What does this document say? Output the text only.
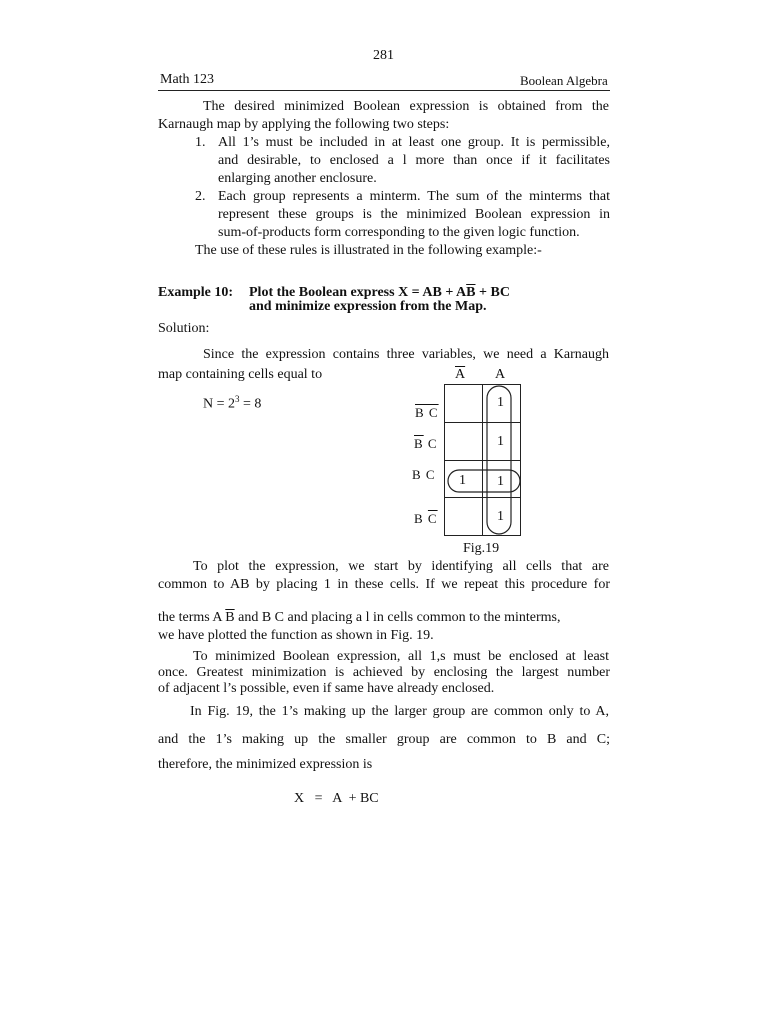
281
Math 123	Boolean Algebra
The desired minimized Boolean expression is obtained from the
Karnaugh map by applying the following two steps:
1. All 1’s must be included in at least one group. It is permissible,
and desirable, to enclosed a l more than once if it facilitates
enlarging another enclosure.
2. Each group represents a minterm. The sum of the minterms that
represent these groups is the minimized Boolean expression in
sum-of-products form corresponding to the given logic function.
The use of these rules is illustrated in the following example:-
Example 10: Plot the Boolean express X = AB + $A\overline{B}$ + BC
and minimize expression from the Map.
Solution:
Since the expression contains three variables, we need a Karnaugh
map containing cells equal to
$N = 2^3 = 8$
$\overline{A}$ A
B C
$\overline{B}$ C
B C
B $\overline{C}$
1
1
1 1
1
Fig.19
To plot the expression, we start by identifying all cells that are
common to AB by placing 1 in these cells. If we repeat this procedure for
the terms A $\overline{B}$ and B C and placing a l in cells common to the minterms,
we have plotted the function as shown in Fig. 19.
To minimized Boolean expression, all 1,s must be enclosed at least
once. Greatest minimization is achieved by enclosing the largest number
of adjacent l’s possible, even if same have already enclosed.
In Fig. 19, the 1’s making up the larger group are common only to A,
and the 1’s making up the smaller group are common to B and C;
therefore, the minimized expression is
X   =   A  + BC
